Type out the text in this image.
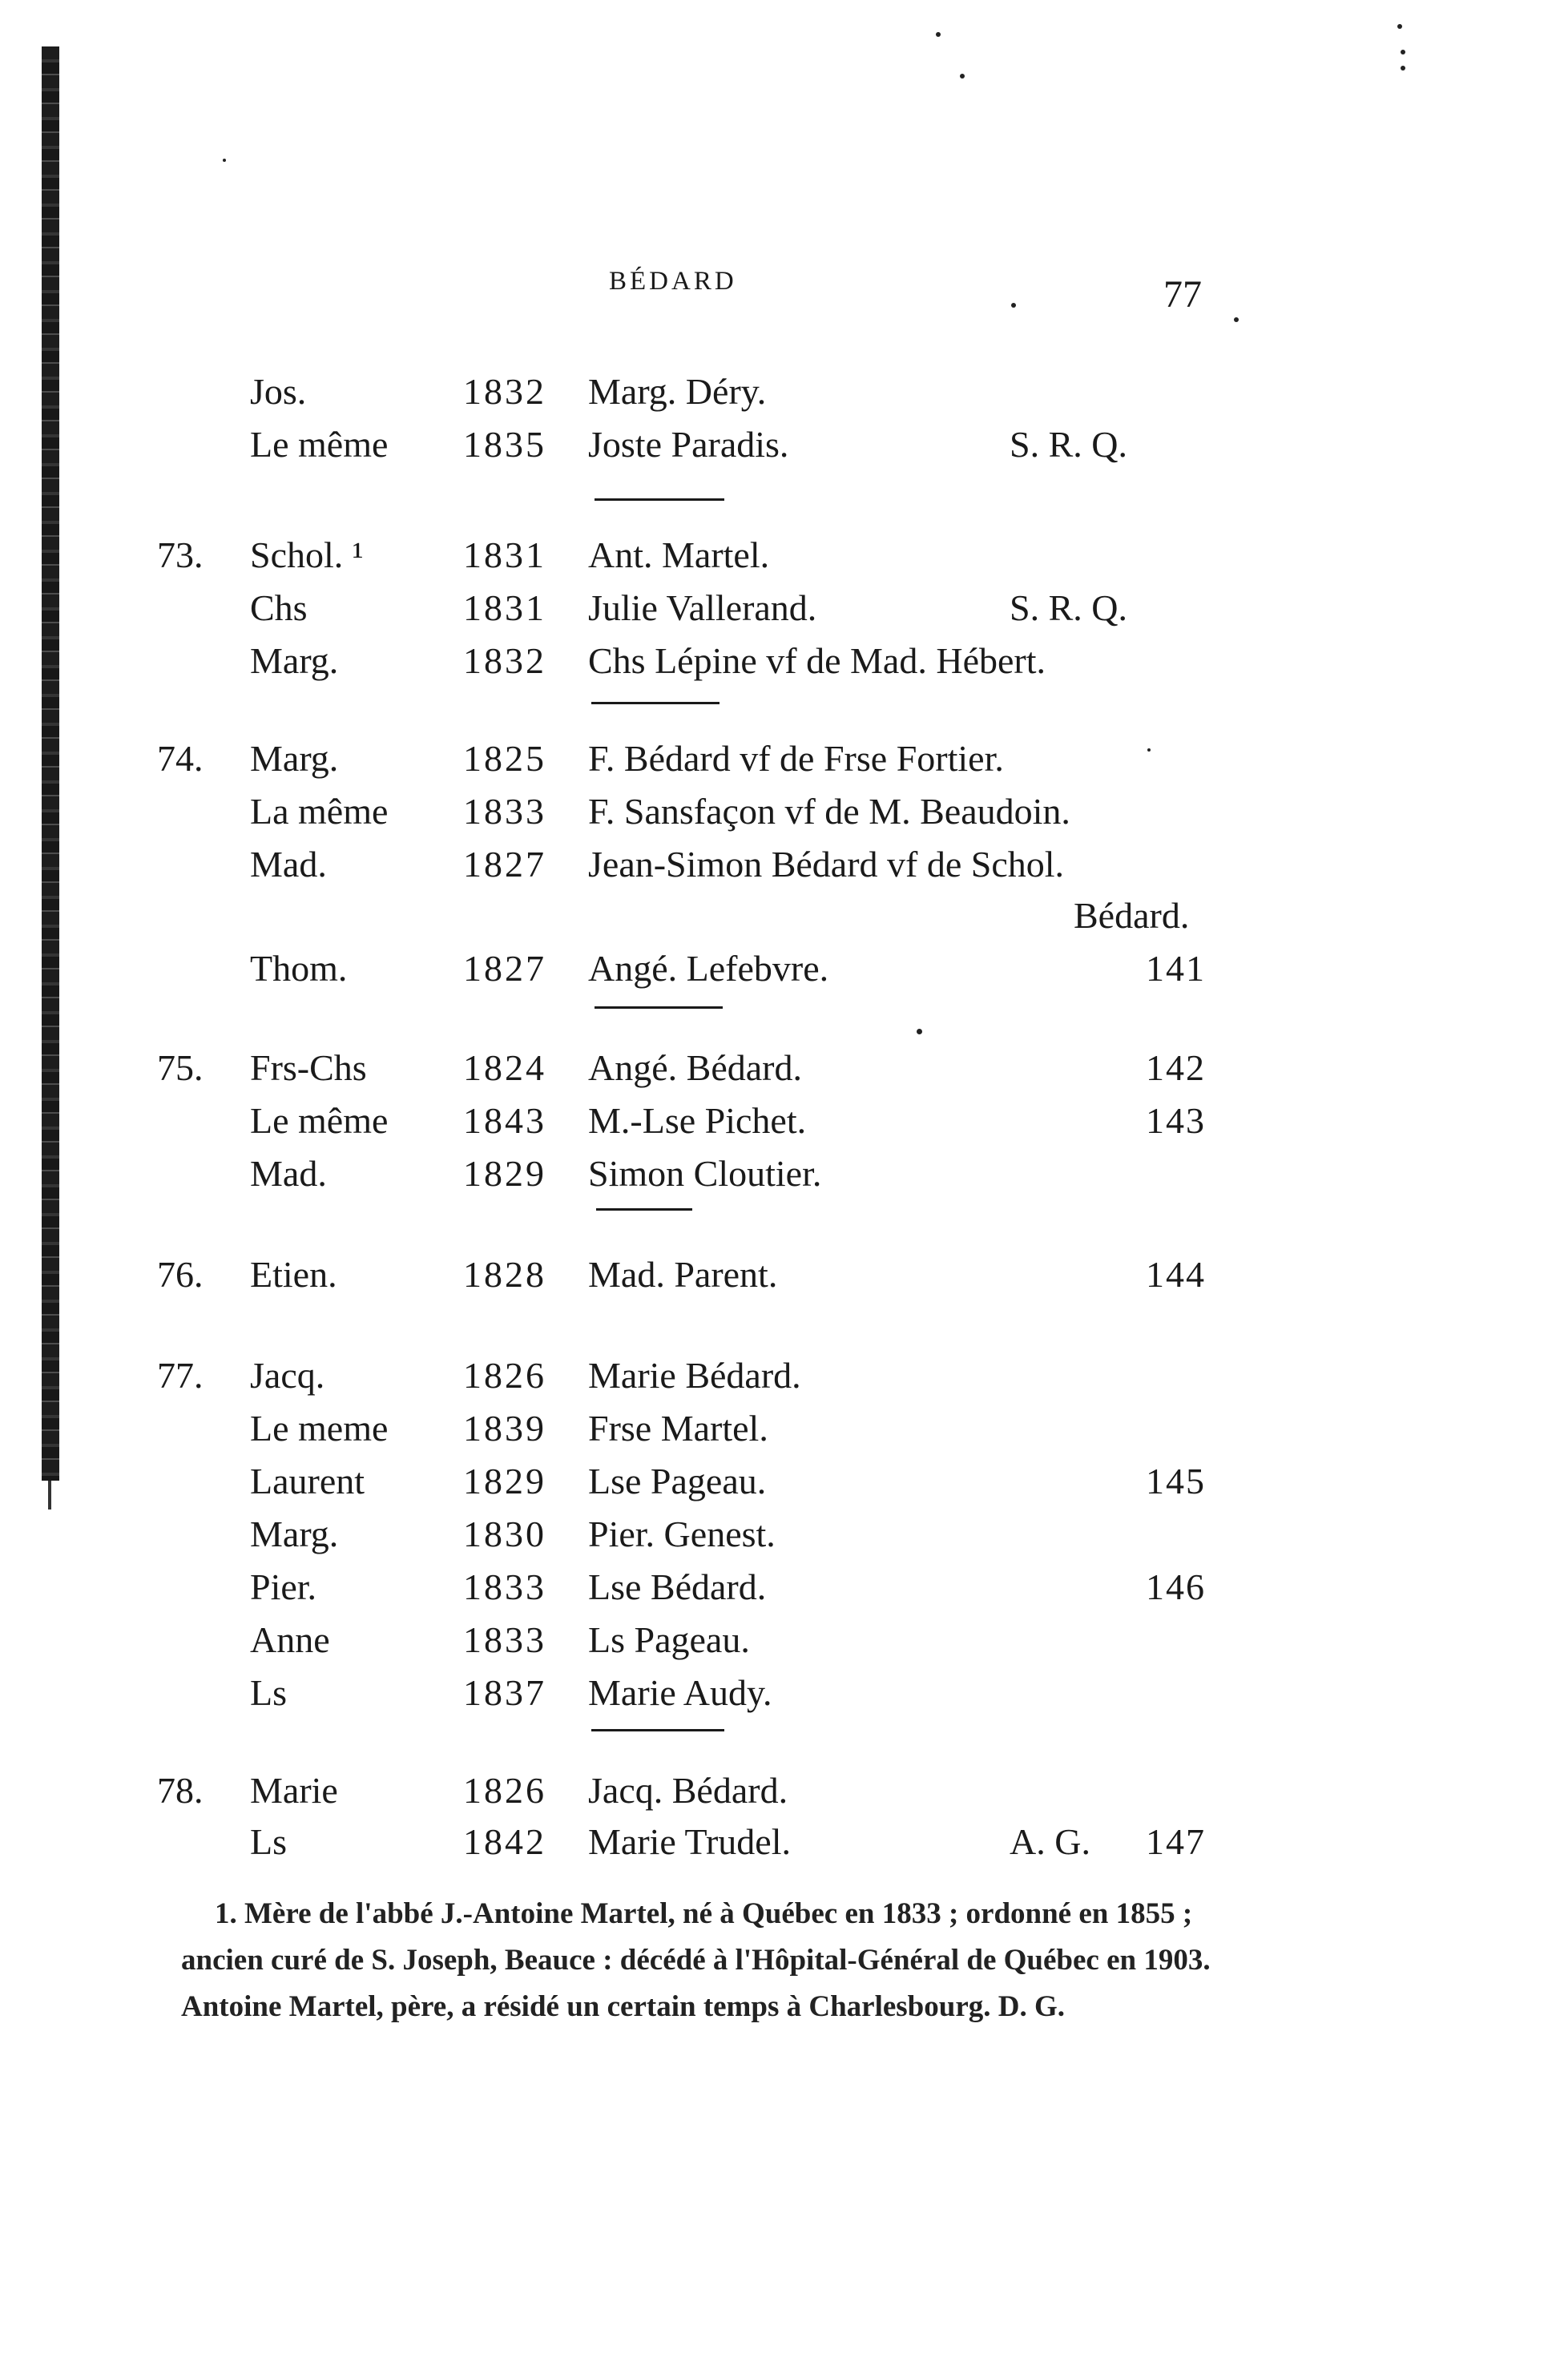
BÉDARD	77
Jos.	1832 Marg. Déry.
Le même 1835 Joste Paradis.	S. R. Q.
73. Schol. ¹	1831 Ant. Martel.
Chs	1831 Julie Vallerand.	S. R. Q.
Marg.	1832 Chs Lépine vf de Mad. Hébert.
74. Marg.	1825 F. Bédard vf de Frse Fortier.
La même 1833 F. Sansfaçon vf de M. Beaudoin.
Mad.	1827 Jean-Simon Bédard vf de Schol.
Bédard.
Thom.	1827 Angé. Lefebvre.	141
75. Frs-Chs	1824 Angé. Bédard.	142
Le même 1843 M.-Lse Pichet.	143
Mad.	1829 Simon Cloutier.
76. Etien.	1828 Mad. Parent.	144
77. Jacq.	1826 Marie Bédard.
Le meme 1839 Frse Martel.
Laurent	1829 Lse Pageau.	145
Marg.	1830 Pier. Genest.
Pier.	1833 Lse Bédard.	146
Anne	1833 Ls Pageau.
Ls	1837 Marie Audy.
78. Marie	1826 Jacq. Bédard.
Ls	1842 Marie Trudel.	A. G. 147
1. Mère de l'abbé J.-Antoine Martel, né à Québec en 1833 ; ordonné en 1855 ; ancien curé de S. Joseph, Beauce : décédé à l'Hôpital-Général de Québec en 1903. Antoine Martel, père, a résidé un certain temps à Charlesbourg. D. G.
